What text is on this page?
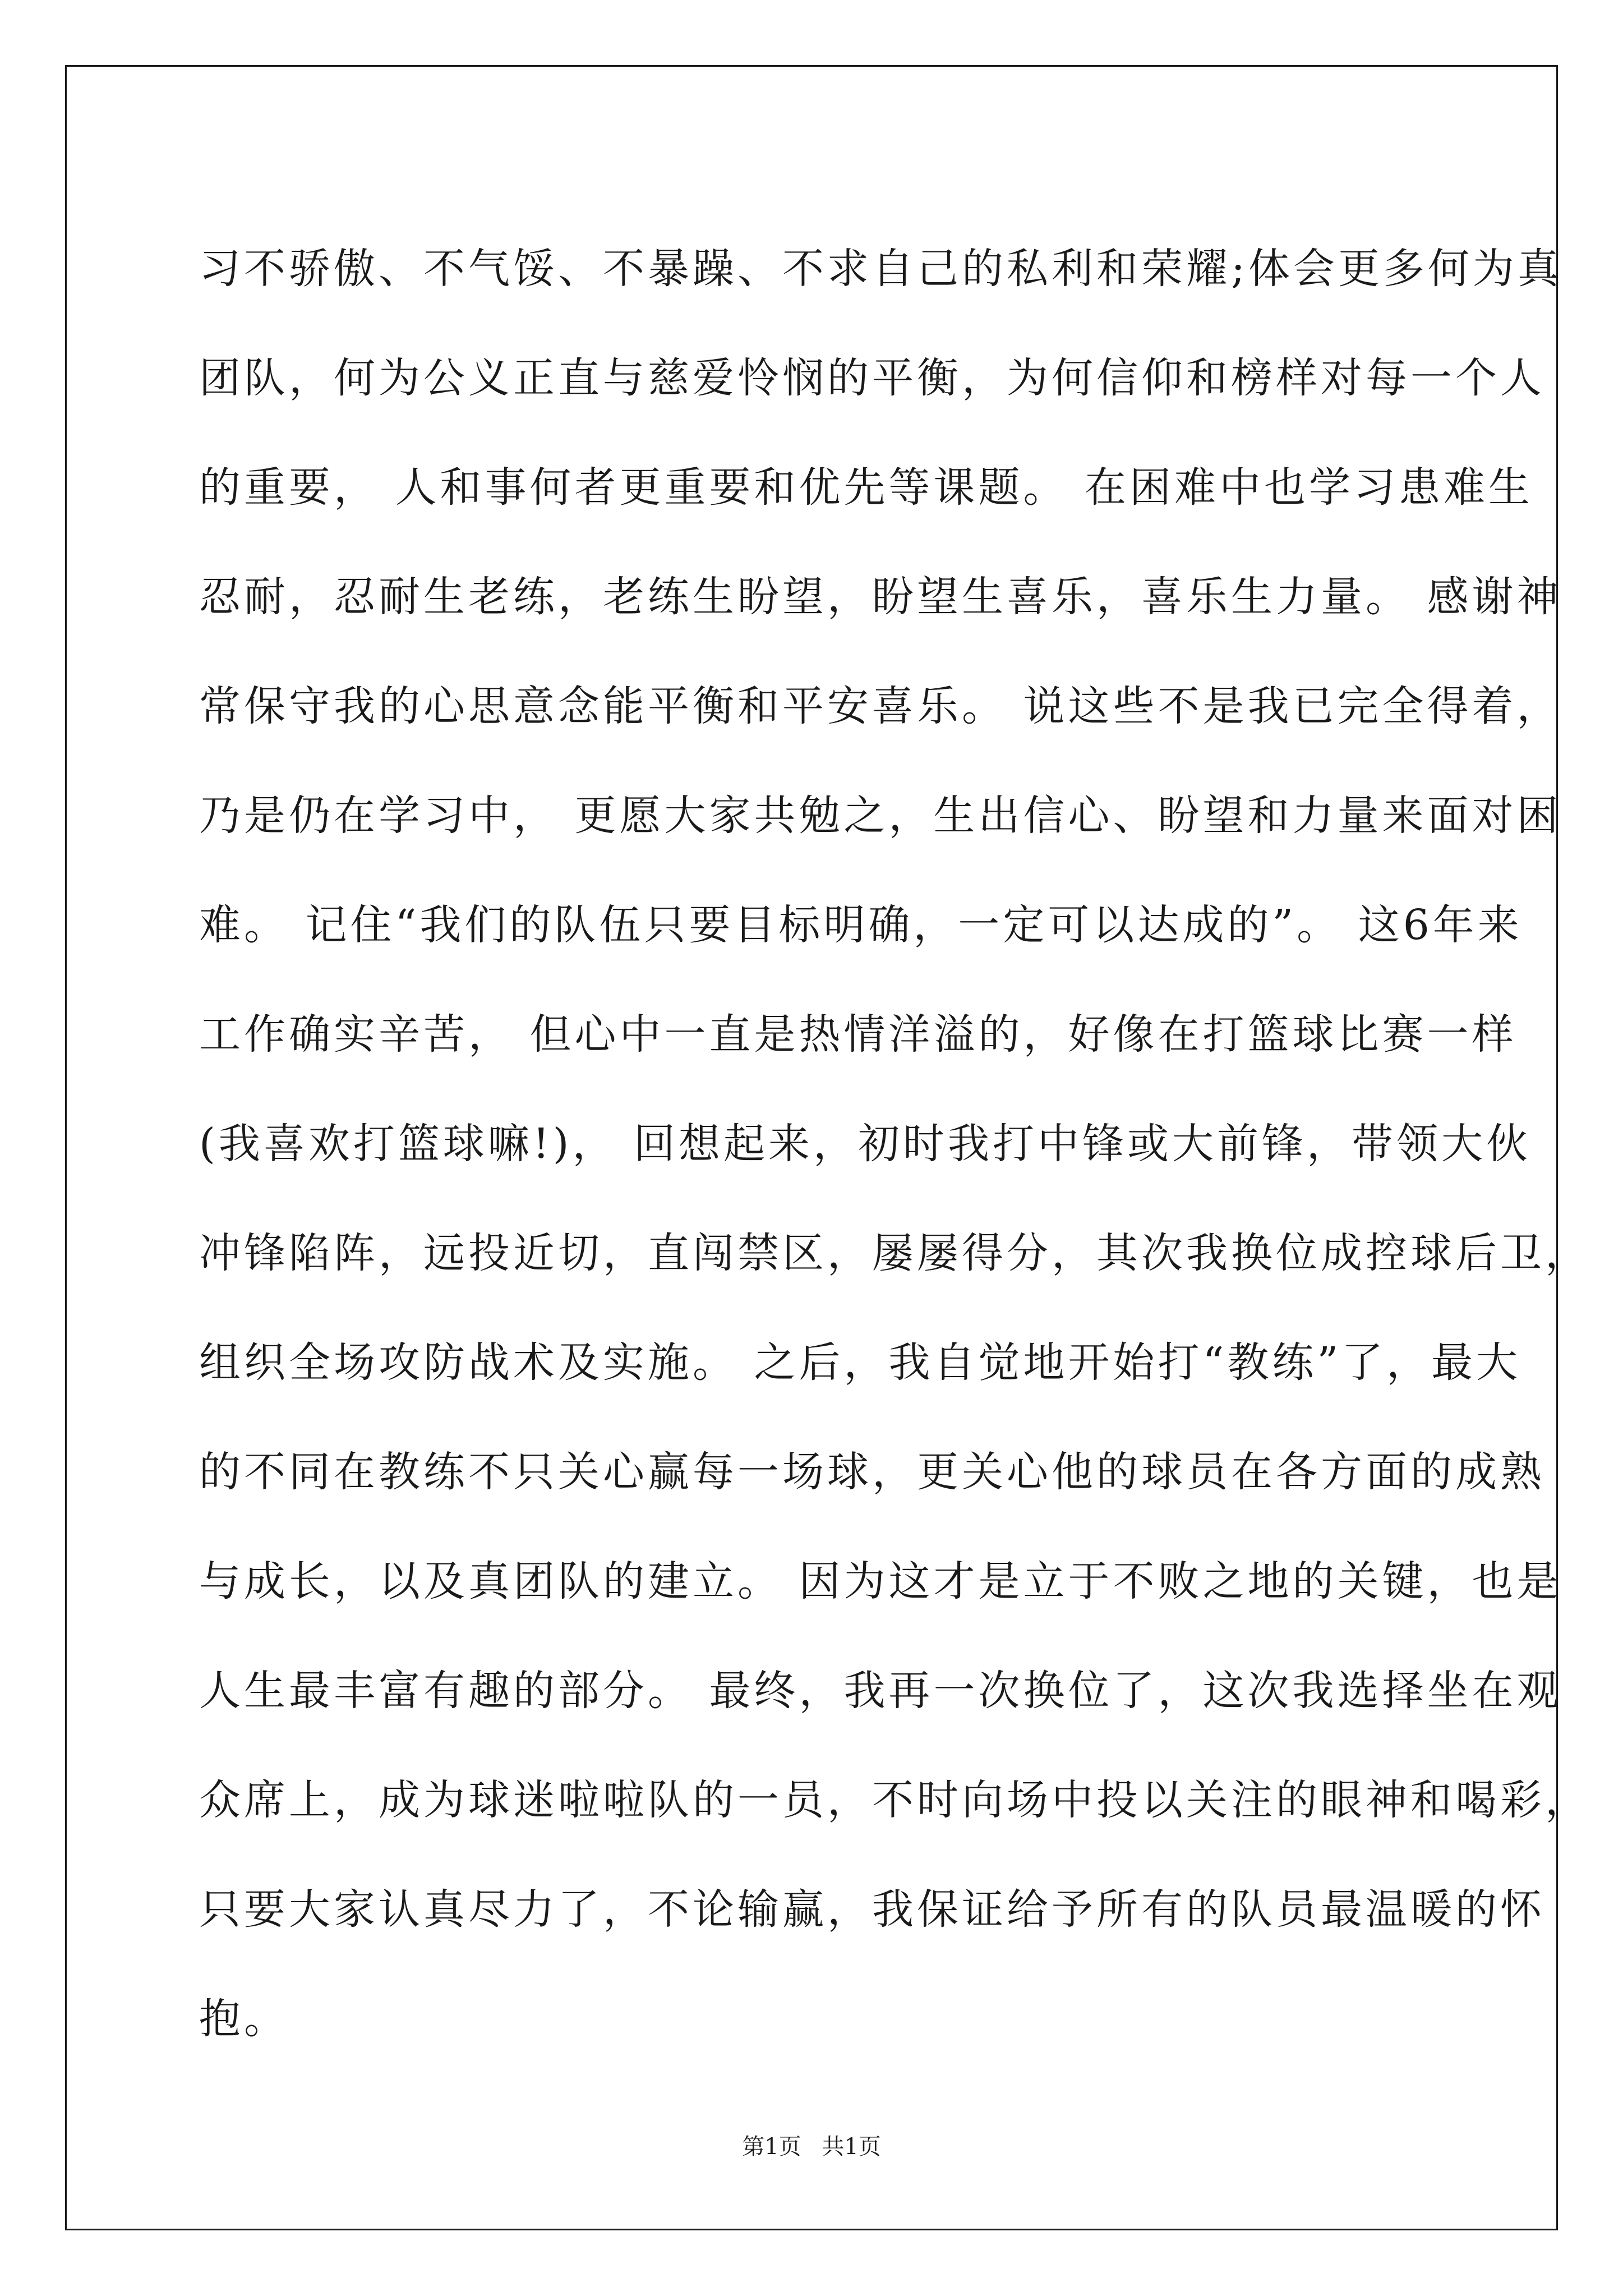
习不骄傲、不气馁、不暴躁、不求自己的私利和荣耀;体会更多何为真
团队，何为公义正直与慈爱怜悯的平衡，为何信仰和榜样对每一个人
的重要， 人和事何者更重要和优先等课题。 在困难中也学习患难生
忍耐，忍耐生老练，老练生盼望，盼望生喜乐，喜乐生力量。 感谢神
常保守我的心思意念能平衡和平安喜乐。 说这些不是我已完全得着，
乃是仍在学习中， 更愿大家共勉之，生出信心、盼望和力量来面对困
难。 记住“我们的队伍只要目标明确，一定可以达成的”。 这6年来
工作确实辛苦， 但心中一直是热情洋溢的，好像在打篮球比赛一样
(我喜欢打篮球嘛!)， 回想起来，初时我打中锋或大前锋，带领大伙
冲锋陷阵，远投近切，直闯禁区，屡屡得分，其次我换位成控球后卫，
组织全场攻防战术及实施。 之后，我自觉地开始打“教练”了，最大
的不同在教练不只关心赢每一场球，更关心他的球员在各方面的成熟
与成长，以及真团队的建立。 因为这才是立于不败之地的关键，也是
人生最丰富有趣的部分。 最终，我再一次换位了，这次我选择坐在观
众席上，成为球迷啦啦队的一员，不时向场中投以关注的眼神和喝彩，
只要大家认真尽力了，不论输赢，我保证给予所有的队员最温暖的怀
抱。
第1页 共1页
